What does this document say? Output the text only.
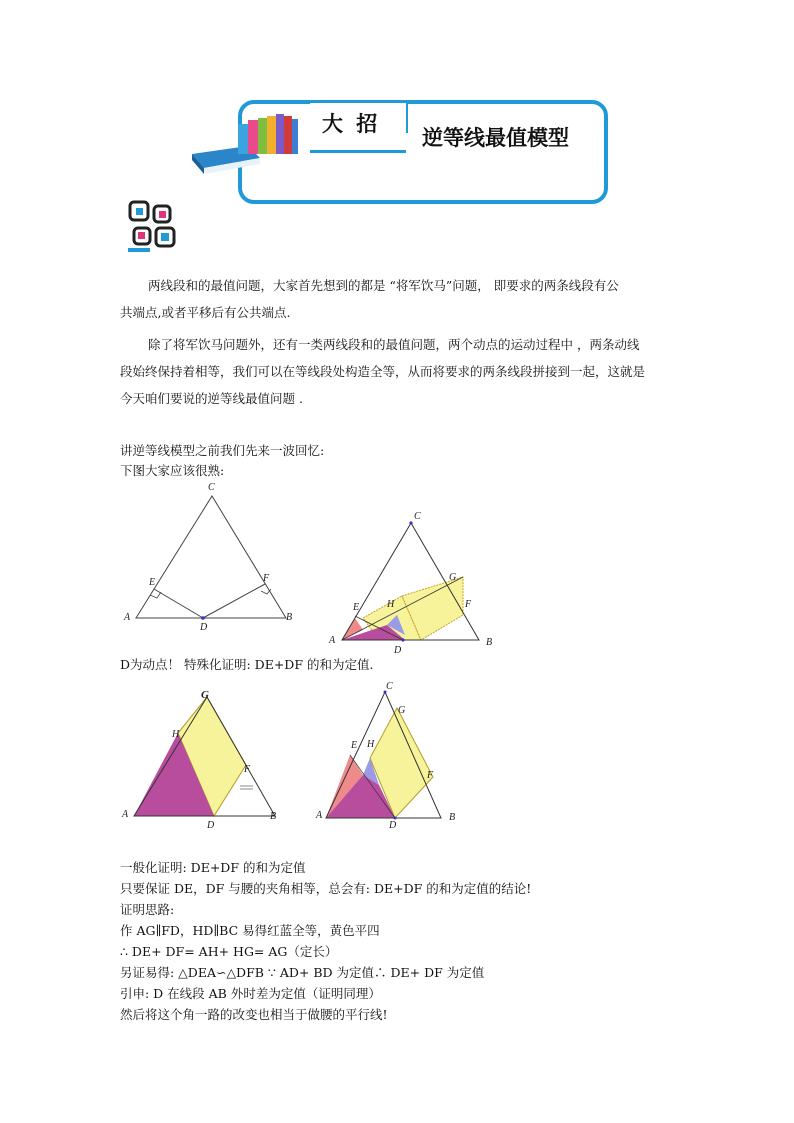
大 招
逆等线最值模型
两线段和的最值问题，大家首先想到的都是 “将军饮马”问题， 即要求的两条线段有公
共端点,或者平移后有公共端点.
除了将军饮马问题外，还有一类两线段和的最值问题，两个动点的运动过程中 ，两条动线
段始终保持着相等，我们可以在等线段处构造全等，从而将要求的两条线段拼接到一起，这就是
今天咱们要说的逆等线最值问题 .
讲逆等线模型之前我们先来一波回忆:
下图大家应该很熟:
C
E	F
A	B
D
C
G
F
E	H
A	B
D
D为动点！ 特殊化证明: DE+DF 的和为定值.
G
H
F
A	B
D
C
G
E H
F
A	B
D
一般化证明: DE+DF 的和为定值
只要保证 DE，DF 与腰的夹角相等，总会有: DE+DF 的和为定值的结论!
证明思路:
作 AG∥FD，HD∥BC 易得红蓝全等，黄色平四
∴ DE+ DF= AH+ HG= AG（定长）
另证易得: △DEA∽△DFB ∵ AD+ BD 为定值∴ DE+ DF 为定值
引申: D 在线段 AB 外时差为定值（证明同理）
然后将这个角一路的改变也相当于做腰的平行线!
